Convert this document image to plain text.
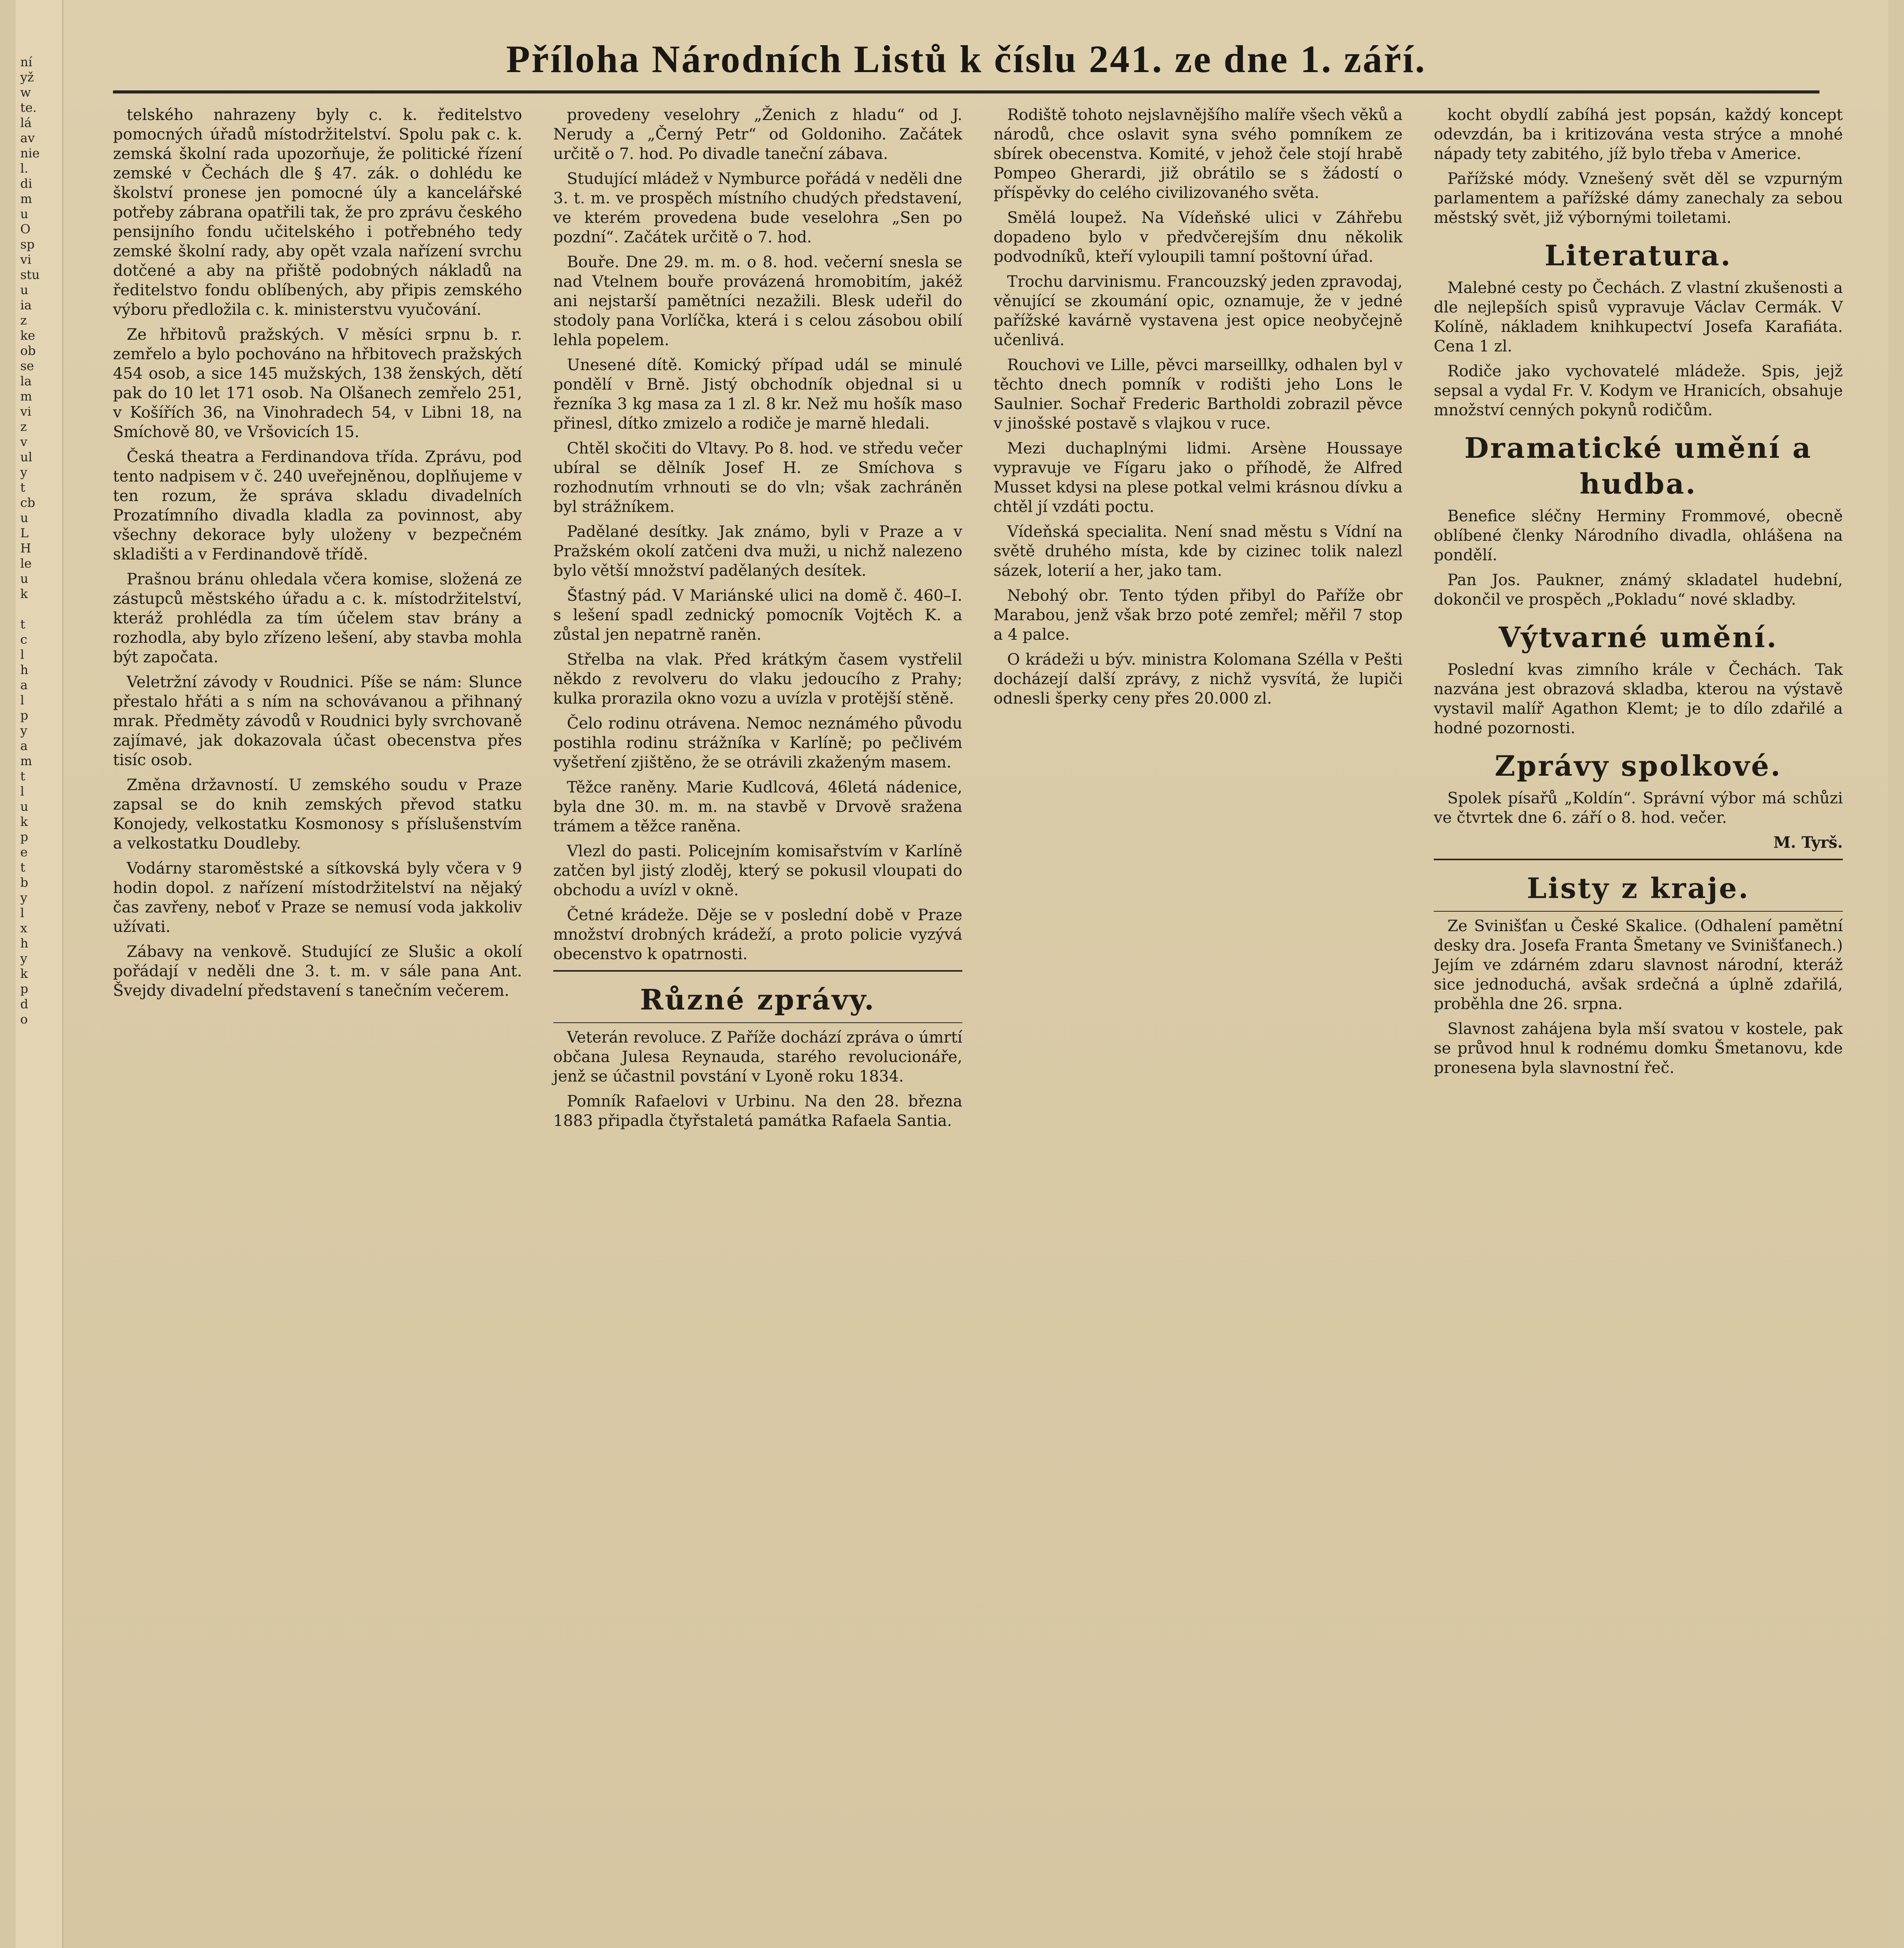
ní
yž
w
te.
lá
av
nie
l.
di
m
u
O
sp
vi
stu
u
ia
z
ke
ob
se
la
m
vi
z
v
ul
y
t
cb
u
L
H
le
u
k

t
c
l
h
a
l
p
y
a
m
t
l
u
k
p
e
t
b
y
l
x
h
y
k
p
d
o
Příloha Národních Listů k číslu 241. ze dne 1. září.

telského nahrazeny byly c. k. ředitelstvo pomocných úřadů místodržitelství. Spolu pak c. k. zemská školní rada upozorňuje, že politické řízení zemské v Čechách dle § 47. zák. o dohlédu ke školství pronese jen pomocné úly a kancelářské potřeby zábrana opatřili tak, že pro zprávu českého pensijního fondu učitelského i potřebného tedy zemské školní rady, aby opět vzala nařízení svrchu dotčené a aby na přiště podobných nákladů na ředitelstvo fondu oblíbených, aby připis zemského výboru předložila c. k. ministerstvu vyučování.

Ze hřbitovů pražských. V měsíci srpnu b. r. zemřelo a bylo pochováno na hřbitovech pražských 454 osob, a sice 145 mužských, 138 ženských, dětí pak do 10 let 171 osob. Na Olšanech zemřelo 251, v Košířích 36, na Vinohradech 54, v Libni 18, na Smíchově 80, ve Vršovicích 15.

Česká theatra a Ferdinandova třída. Zprávu, pod tento nadpisem v č. 240 uveřejněnou, doplňujeme v ten rozum, že správa skladu divadelních Prozatímního divadla kladla za povinnost, aby všechny dekorace byly uloženy v bezpečném skladišti a v Ferdinandově třídě.

Prašnou bránu ohledala včera komise, složená ze zástupců městského úřadu a c. k. místodržitelství, kteráž prohlédla za tím účelem stav brány a rozhodla, aby bylo zřízeno lešení, aby stavba mohla být započata.

Veletržní závody v Roudnici. Píše se nám: Slunce přestalo hřáti a s ním na schovávanou a přihnaný mrak. Předměty závodů v Roudnici byly svrchovaně zajímavé, jak dokazovala účast obecenstva přes tisíc osob.

Změna državností. U zemského soudu v Praze zapsal se do knih zemských převod statku Konojedy, velkostatku Kosmonosy s příslušenstvím a velkostatku Doudleby.

Vodárny staroměstské a sítkovská byly včera v 9 hodin dopol. z nařízení místodržitelství na nějaký čas zavřeny, neboť v Praze se nemusí voda jakkoliv užívati.

Zábavy na venkově. Studující ze Slušic a okolí pořádají v neděli dne 3. t. m. v sále pana Ant. Švejdy divadelní představení s tanečním večerem.

provedeny veselohry „Ženich z hladu“ od J. Nerudy a „Černý Petr“ od Goldoniho. Začátek určitě o 7. hod. Po divadle taneční zábava.

Studující mládež v Nymburce pořádá v neděli dne 3. t. m. ve prospěch místního chudých představení, ve kterém provedena bude veselohra „Sen po pozdní“. Začátek určitě o 7. hod.

Bouře. Dne 29. m. m. o 8. hod. večerní snesla se nad Vtelnem bouře provázená hromobitím, jakéž ani nejstarší pamětníci nezažili. Blesk udeřil do stodoly pana Vorlíčka, která i s celou zásobou obilí lehla popelem.

Unesené dítě. Komický případ udál se minulé pondělí v Brně. Jistý obchodník objednal si u řezníka 3 kg masa za 1 zl. 8 kr. Než mu hošík maso přinesl, dítko zmizelo a rodiče je marně hledali.

Chtěl skočiti do Vltavy. Po 8. hod. ve středu večer ubíral se dělník Josef H. ze Smíchova s rozhodnutím vrhnouti se do vln; však zachráněn byl strážníkem.

Padělané desítky. Jak známo, byli v Praze a v Pražském okolí zatčeni dva muži, u nichž nalezeno bylo větší množství padělaných desítek.

Šťastný pád. V Mariánské ulici na domě č. 460–I. s lešení spadl zednický pomocník Vojtěch K. a zůstal jen nepatrně raněn.

Střelba na vlak. Před krátkým časem vystřelil někdo z revolveru do vlaku jedoucího z Prahy; kulka prorazila okno vozu a uvízla v protější stěně.

Čelo rodinu otrávena. Nemoc neznámého původu postihla rodinu strážníka v Karlíně; po pečlivém vyšetření zjištěno, že se otrávili zkaženým masem.

Těžce raněny. Marie Kudlcová, 46letá nádenice, byla dne 30. m. m. na stavbě v Drvově sražena trámem a těžce raněna.

Vlezl do pasti. Policejním komisařstvím v Karlíně zatčen byl jistý zloděj, který se pokusil vloupati do obchodu a uvízl v okně.

Četné krádeže. Děje se v poslední době v Praze množství drobných krádeží, a proto policie vyzývá obecenstvo k opatrnosti.

Různé zprávy.

Veterán revoluce. Z Paříže dochází zpráva o úmrtí občana Julesa Reynauda, starého revolucionáře, jenž se účastnil povstání v Lyoně roku 1834.

Pomník Rafaelovi v Urbinu. Na den 28. března 1883 připadla čtyřstaletá památka Rafaela Santia.

Rodiště tohoto nejslavnějšího malíře všech věků a národů, chce oslavit syna svého pomníkem ze sbírek obecenstva. Komité, v jehož čele stojí hrabě Pompeo Gherardi, již obrátilo se s žádostí o příspěvky do celého civilizovaného světa.

Smělá loupež. Na Vídeňské ulici v Záhřebu dopadeno bylo v předvčerejším dnu několik podvodníků, kteří vyloupili tamní poštovní úřad.

Trochu darvinismu. Francouzský jeden zpravodaj, věnující se zkoumání opic, oznamuje, že v jedné pařížské kavárně vystavena jest opice neobyčejně učenlivá.

Rouchovi ve Lille, pěvci marseillky, odhalen byl v těchto dnech pomník v rodišti jeho Lons le Saulnier. Sochař Frederic Bartholdi zobrazil pěvce v jinošské postavě s vlajkou v ruce.

Mezi duchaplnými lidmi. Arsène Houssaye vypravuje ve Fígaru jako o příhodě, že Alfred Musset kdysi na plese potkal velmi krásnou dívku a chtěl jí vzdáti poctu.

Vídeňská specialita. Není snad městu s Vídní na světě druhého místa, kde by cizinec tolik nalezl sázek, loterií a her, jako tam.

Nebohý obr. Tento týden přibyl do Paříže obr Marabou, jenž však brzo poté zemřel; měřil 7 stop a 4 palce.

O krádeži u býv. ministra Kolomana Szélla v Pešti docházejí další zprávy, z nichž vysvítá, že lupiči odnesli šperky ceny přes 20.000 zl.

kocht obydlí zabíhá jest popsán, každý koncept odevzdán, ba i kritizována vesta strýce a mnohé nápady tety zabitého, jíž bylo třeba v Americe.

Pařížské módy. Vznešený svět děl se vzpurným parlamentem a pařížské dámy zanechaly za sebou městský svět, již výbornými toiletami.

Literatura.

Malebné cesty po Čechách. Z vlastní zkušenosti a dle nejlepších spisů vypravuje Václav Cermák. V Kolíně, nákladem knihkupectví Josefa Karafiáta. Cena 1 zl.

Rodiče jako vychovatelé mládeže. Spis, jejž sepsal a vydal Fr. V. Kodym ve Hranicích, obsahuje množství cenných pokynů rodičům.

Dramatické umění a hudba.

Benefice sléčny Herminy Frommové, obecně oblíbené členky Národního divadla, ohlášena na pondělí.

Pan Jos. Paukner, známý skladatel hudební, dokončil ve prospěch „Pokladu“ nové skladby.

Výtvarné umění.

Poslední kvas zimního krále v Čechách. Tak nazvána jest obrazová skladba, kterou na výstavě vystavil malíř Agathon Klemt; je to dílo zdařilé a hodné pozornosti.

Zprávy spolkové.

Spolek písařů „Koldín“. Správní výbor má schůzi ve čtvrtek dne 6. září o 8. hod. večer.

M. Tyrš.
Listy z kraje.

Ze Svinišťan u České Skalice. (Odhalení pamětní desky dra. Josefa Franta Šmetany ve Svinišťanech.) Jejím ve zdárném zdaru slavnost národní, kteráž sice jednoduchá, avšak srdečná a úplně zdařilá, proběhla dne 26. srpna.

Slavnost zahájena byla mší svatou v kostele, pak se průvod hnul k rodnému domku Šmetanovu, kde pronesena byla slavnostní řeč.
